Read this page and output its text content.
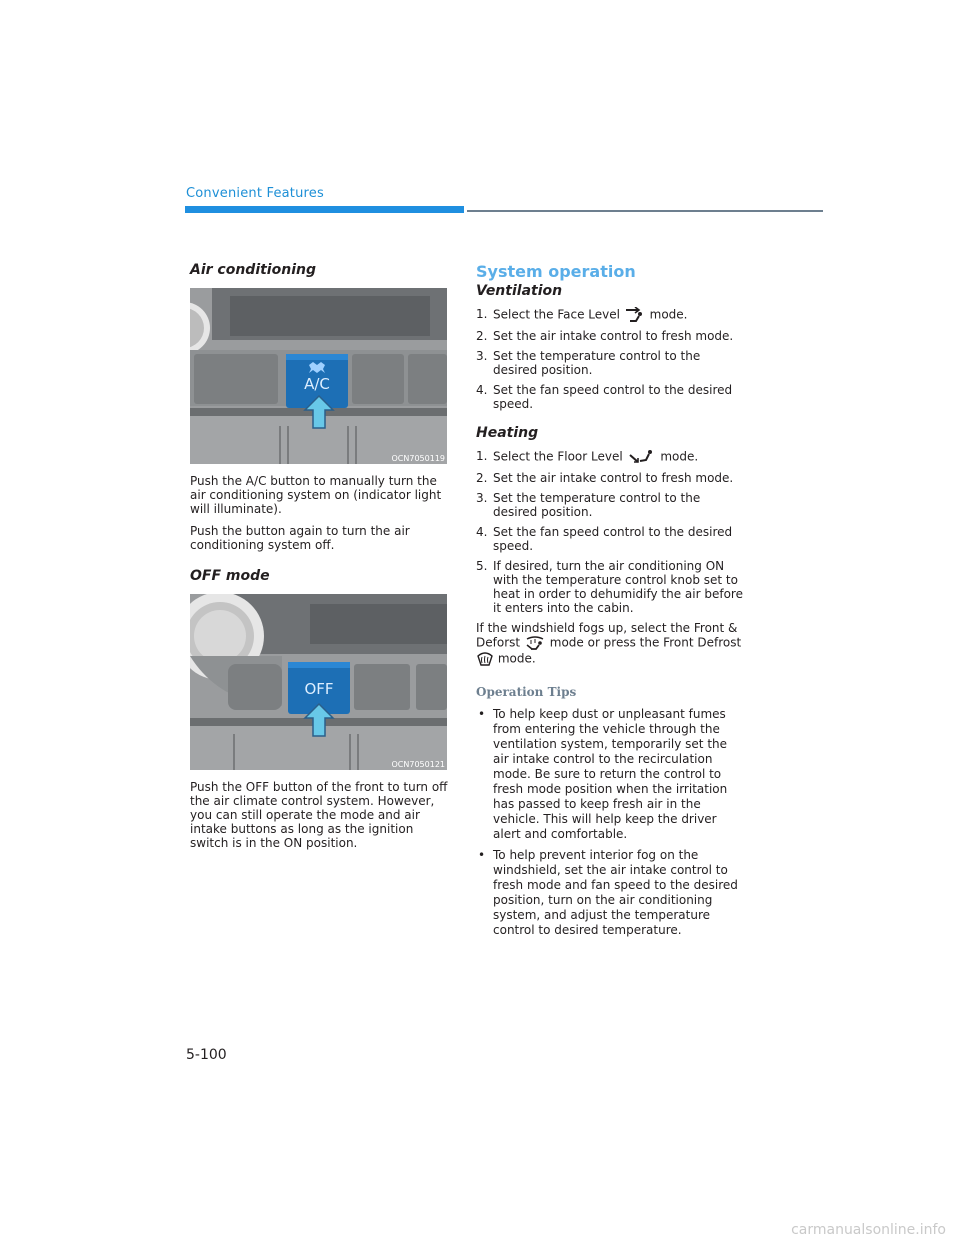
Convenient Features
Air conditioning
A/C
OCN7050119

Push the A/C button to manually turn the air conditioning system on (indicator light will illuminate).

Push the button again to turn the air conditioning system off.

OFF mode
OFF
OCN7050121

Push the OFF button of the front to turn off the air climate control system. However, you can still operate the mode and air intake buttons as long as the ignition switch is in the ON position.

System operation
Ventilation
1. Select the Face Level  mode.
2. Set the air intake control to fresh mode.
3. Set the temperature control to the desired position.
4. Set the fan speed control to the desired speed.
Heating
1. Select the Floor Level	mode.
2. Set the air intake control to fresh mode.
3. Set the temperature control to the desired position.
4. Set the fan speed control to the desired speed.
5. If desired, turn the air conditioning ON with the temperature control knob set to heat in order to dehumidify the air before it enters into the cabin.

If the windshield fogs up, select the Front & Deforst  mode or press the Front Defrost  mode.

Operation Tips
• To help keep dust or unpleasant fumes from entering the vehicle through the ventilation system, temporarily set the air intake control to the recirculation mode. Be sure to return the control to fresh mode position when the irritation has passed to keep fresh air in the vehicle. This will help keep the driver alert and comfortable.
• To help prevent interior fog on the windshield, set the air intake control to fresh mode and fan speed to the desired position, turn on the air conditioning system, and adjust the temperature control to desired temperature.
5-100
carmanualsonline.info
